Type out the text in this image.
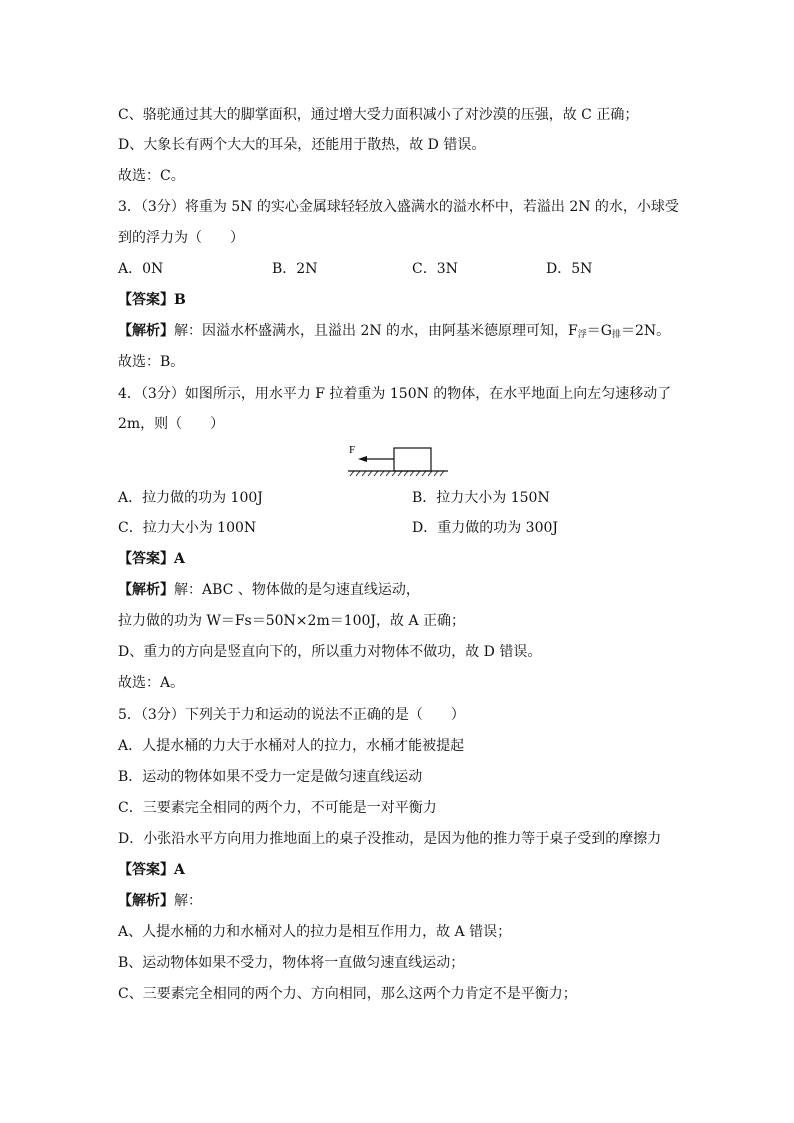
C、骆驼通过其大的脚掌面积，通过增大受力面积减小了对沙漠的压强，故 C 正确；
D、大象长有两个大大的耳朵，还能用于散热，故 D 错误。
故选：C。
3．（3分）将重为 5N 的实心金属球轻轻放入盛满水的溢水杯中，若溢出 2N 的水，小球受
到的浮力为（　　）
A．0N	B．2N	C．3N	D．5N
【答案】B
【解析】解：因溢水杯盛满水，且溢出 2N 的水，由阿基米德原理可知，$F_浮=G_排=2N$。
故选：B。
4．（3分）如图所示，用水平力 F 拉着重为 150N 的物体，在水平地面上向左匀速移动了
2m，则（　　）
F
A．拉力做的功为 100J	B．拉力大小为 150N
C．拉力大小为 100N	D．重力做的功为 300J
【答案】A
【解析】解：ABC 、物体做的是匀速直线运动，
拉力做的功为 W＝Fs＝50N×2m＝100J，故 A 正确；
D、重力的方向是竖直向下的，所以重力对物体不做功，故 D 错误。
故选：A。
5．（3分）下列关于力和运动的说法不正确的是（　　）
A．人提水桶的力大于水桶对人的拉力，水桶才能被提起
B．运动的物体如果不受力一定是做匀速直线运动
C．三要素完全相同的两个力，不可能是一对平衡力
D．小张沿水平方向用力推地面上的桌子没推动，是因为他的推力等于桌子受到的摩擦力
【答案】A
【解析】解：
A、人提水桶的力和水桶对人的拉力是相互作用力，故 A 错误；
B、运动物体如果不受力，物体将一直做匀速直线运动；
C、三要素完全相同的两个力、方向相同，那么这两个力肯定不是平衡力；
